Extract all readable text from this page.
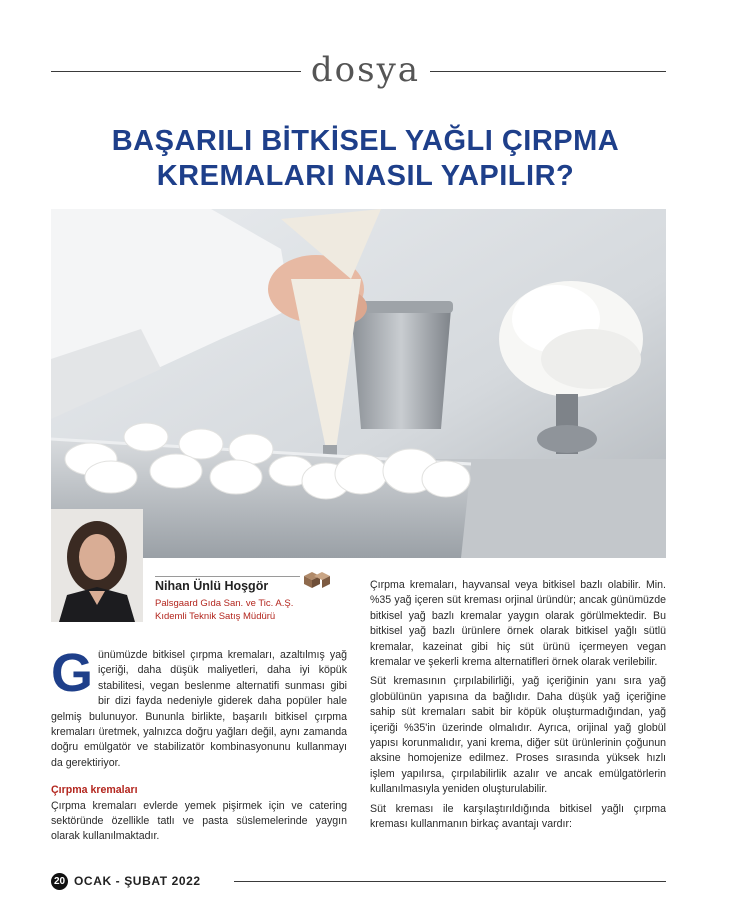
dosya
BAŞARILI BİTKİSEL YAĞLI ÇIRPMA
KREMALARI NASIL YAPILIR?
Nihan Ünlü Hoşgör
Palsgaard Gıda San. ve Tic. A.Ş.
Kıdemli Teknik Satış Müdürü

G ünümüzde bitkisel çırpma kremaları, azaltılmış yağ içeriği, daha düşük maliyetleri, daha iyi köpük stabilitesi, vegan beslenme alternatifi sunması gibi bir dizi fayda nedeniyle giderek daha popüler hale gelmiş bulunuyor. Bununla birlikte, başarılı bitkisel çırpma kremaları üretmek, yalnızca doğru yağları değil, aynı zamanda doğru emülgatör ve stabilizatör kombinasyonunu kullanmayı da gerektiriyor.

Çırpma kremaları

Çırpma kremaları evlerde yemek pişirmek için ve catering sektöründe özellikle tatlı ve pasta süslemelerinde yaygın olarak kullanılmaktadır.

Çırpma kremaları, hayvansal veya bitkisel bazlı olabilir. Min. %35 yağ içeren süt kreması orjinal üründür; ancak günümüzde bitkisel yağ bazlı kremalar yaygın olarak görülmektedir. Bu bitkisel yağ bazlı ürünlere örnek olarak bitkisel yağlı sütlü kremalar, kazeinat gibi hiç süt ürünü içermeyen vegan kremalar ve şekerli krema alternatifleri örnek olarak verilebilir.

Süt kremasının çırpılabilirliği, yağ içeriğinin yanı sıra yağ globülünün yapısına da bağlıdır. Daha düşük yağ içeriğine sahip süt kremaları sabit bir köpük oluşturmadığından, yağ içeriği %35'in üzerinde olmalıdır. Ayrıca, orijinal yağ globül yapısı korunmalıdır, yani krema, diğer süt ürünlerinin çoğunun aksine homojenize edilmez. Proses sırasında yüksek hızlı işlem yapılırsa, çırpılabilirlik azalır ve ancak emülgatörlerin kullanılmasıyla yeniden oluşturulabilir.

Süt kreması ile karşılaştırıldığında bitkisel yağlı çırpma kreması kullanmanın birkaç avantajı vardır:

20 OCAK - ŞUBAT 2022
